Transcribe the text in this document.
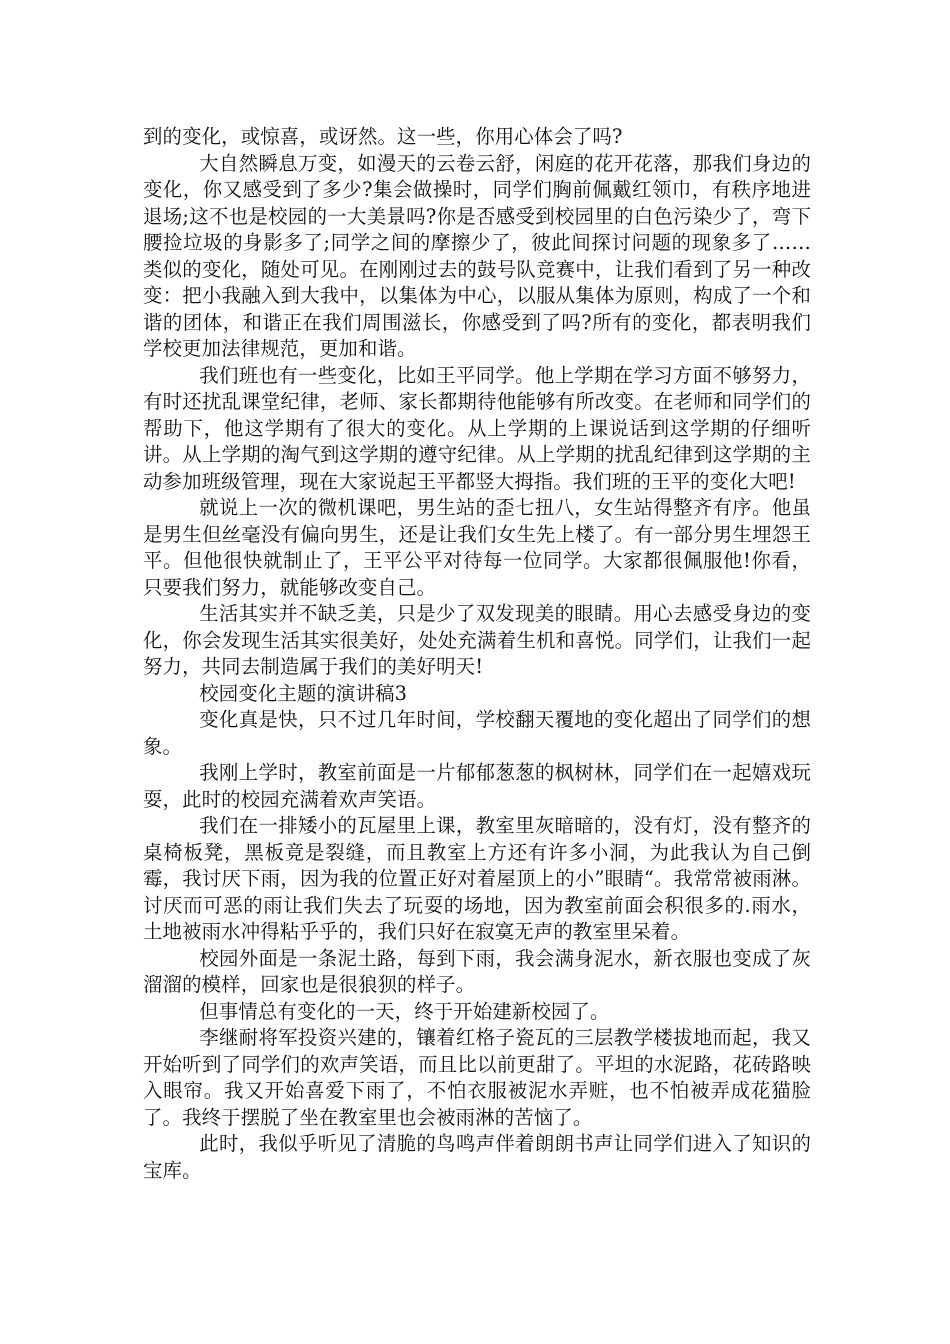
到的变化，或惊喜，或讶然。这一些，你用心体会了吗?

大自然瞬息万变，如漫天的云卷云舒，闲庭的花开花落，那我们身边的变化，你又感受到了多少?集会做操时，同学们胸前佩戴红领巾，有秩序地进退场;这不也是校园的一大美景吗?你是否感受到校园里的白色污染少了，弯下腰捡垃圾的身影多了;同学之间的摩擦少了，彼此间探讨问题的现象多了……类似的变化，随处可见。在刚刚过去的鼓号队竞赛中，让我们看到了另一种改变：把小我融入到大我中，以集体为中心，以服从集体为原则，构成了一个和谐的团体，和谐正在我们周围滋长，你感受到了吗?所有的变化，都表明我们学校更加法律规范，更加和谐。

我们班也有一些变化，比如王平同学。他上学期在学习方面不够努力，有时还扰乱课堂纪律，老师、家长都期待他能够有所改变。在老师和同学们的帮助下，他这学期有了很大的变化。从上学期的上课说话到这学期的仔细听讲。从上学期的淘气到这学期的遵守纪律。从上学期的扰乱纪律到这学期的主动参加班级管理，现在大家说起王平都竖大拇指。我们班的王平的变化大吧!

就说上一次的微机课吧，男生站的歪七扭八，女生站得整齐有序。他虽是男生但丝毫没有偏向男生，还是让我们女生先上楼了。有一部分男生埋怨王平。但他很快就制止了，王平公平对待每一位同学。大家都很佩服他!你看，只要我们努力，就能够改变自己。

生活其实并不缺乏美，只是少了双发现美的眼睛。用心去感受身边的变化，你会发现生活其实很美好，处处充满着生机和喜悦。同学们，让我们一起努力，共同去制造属于我们的美好明天!

校园变化主题的演讲稿3

变化真是快，只不过几年时间，学校翻天覆地的变化超出了同学们的想象。

我刚上学时，教室前面是一片郁郁葱葱的枫树林，同学们在一起嬉戏玩耍，此时的校园充满着欢声笑语。

我们在一排矮小的瓦屋里上课，教室里灰暗暗的，没有灯，没有整齐的桌椅板凳，黑板竟是裂缝，而且教室上方还有许多小洞，为此我认为自己倒霉，我讨厌下雨，因为我的位置正好对着屋顶上的小”眼睛“。我常常被雨淋。讨厌而可恶的雨让我们失去了玩耍的场地，因为教室前面会积很多的.雨水，土地被雨水冲得粘乎乎的，我们只好在寂寞无声的教室里呆着。

校园外面是一条泥土路，每到下雨，我会满身泥水，新衣服也变成了灰溜溜的模样，回家也是很狼狈的样子。

但事情总有变化的一天，终于开始建新校园了。

李继耐将军投资兴建的，镶着红格子瓷瓦的三层教学楼拔地而起，我又开始听到了同学们的欢声笑语，而且比以前更甜了。平坦的水泥路，花砖路映入眼帘。我又开始喜爱下雨了，不怕衣服被泥水弄赃，也不怕被弄成花猫脸了。我终于摆脱了坐在教室里也会被雨淋的苦恼了。

此时，我似乎听见了清脆的鸟鸣声伴着朗朗书声让同学们进入了知识的宝库。
